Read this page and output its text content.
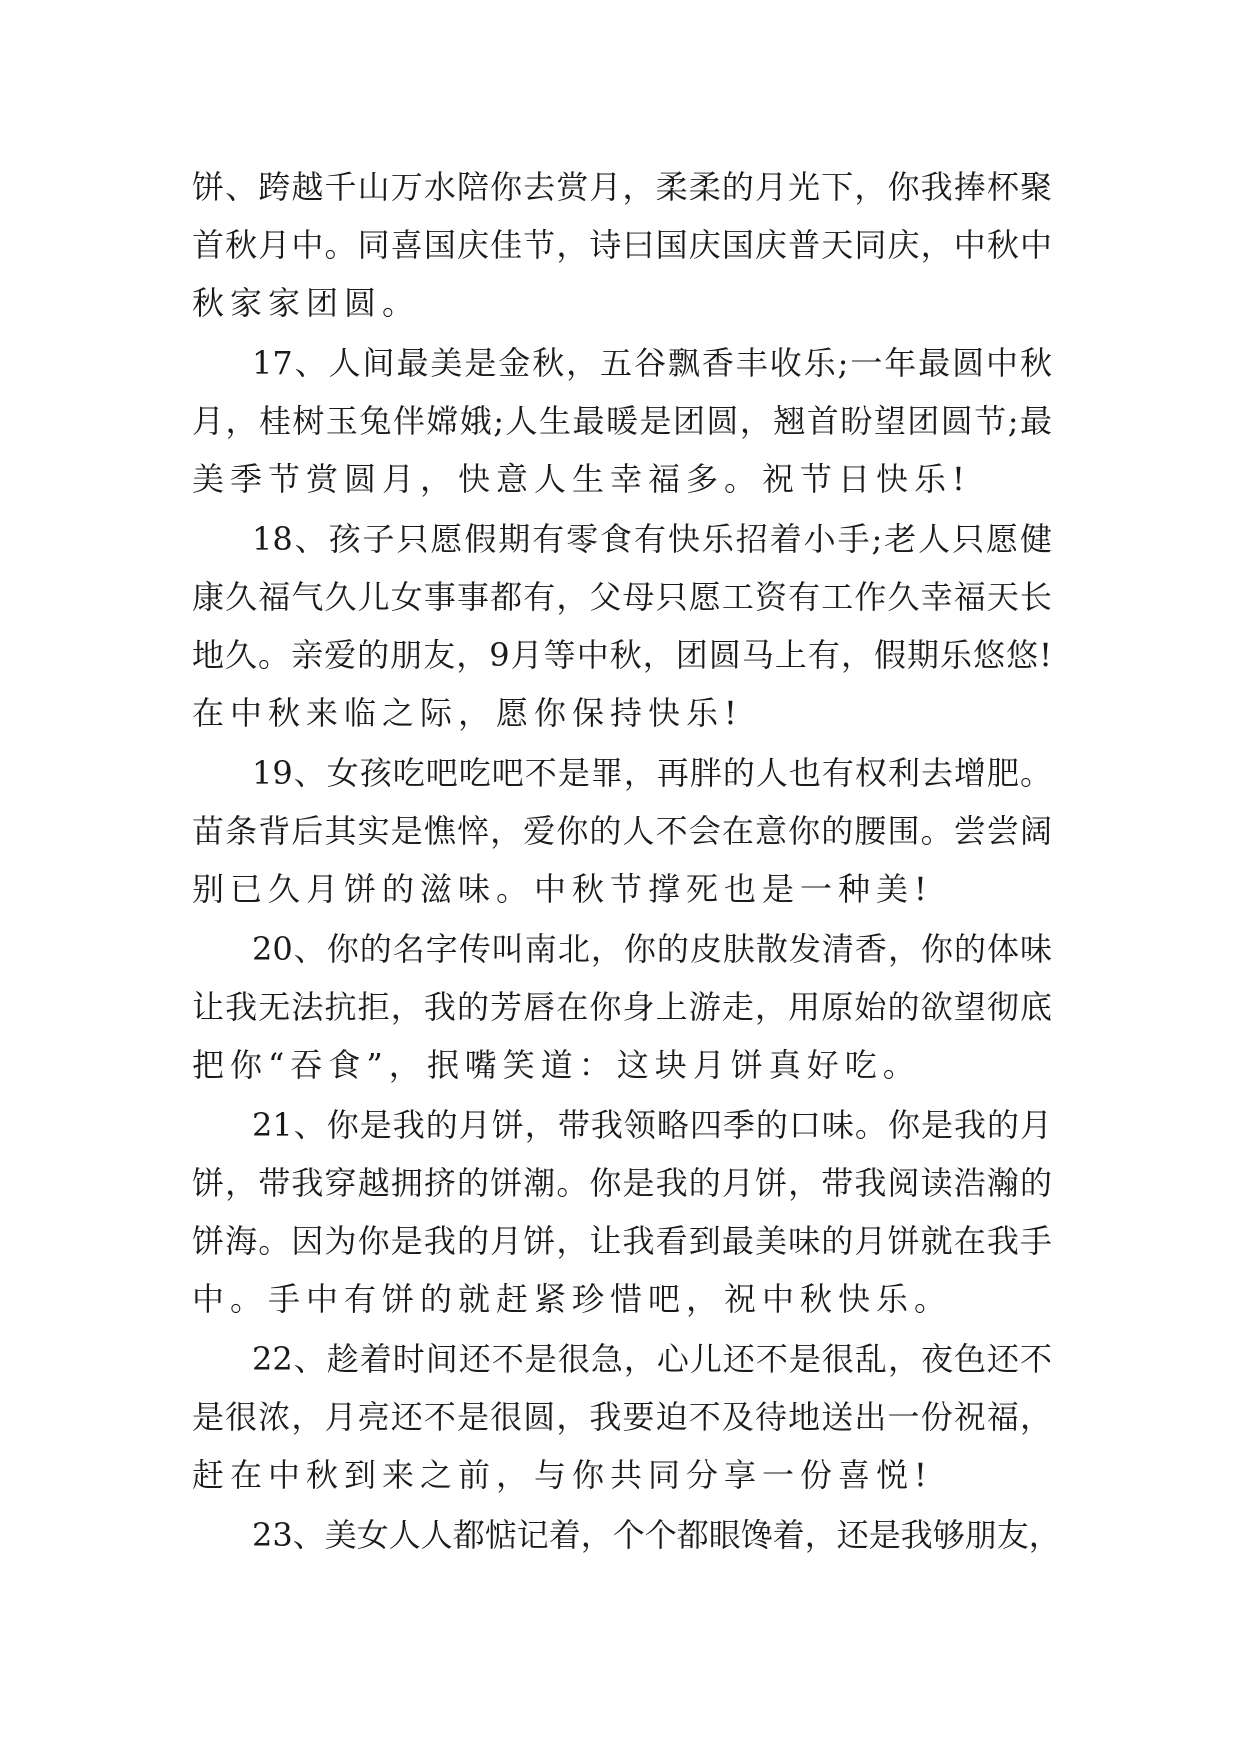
饼、跨越千山万水陪你去赏月，柔柔的月光下，你我捧杯聚
首秋月中。同喜国庆佳节，诗曰国庆国庆普天同庆，中秋中
秋家家团圆。
17、人间最美是金秋，五谷飘香丰收乐;一年最圆中秋
月，桂树玉兔伴嫦娥;人生最暖是团圆，翘首盼望团圆节;最
美季节赏圆月，快意人生幸福多。祝节日快乐!
18、孩子只愿假期有零食有快乐招着小手;老人只愿健
康久福气久儿女事事都有，父母只愿工资有工作久幸福天长
地久。亲爱的朋友，9月等中秋，团圆马上有，假期乐悠悠!
在中秋来临之际，愿你保持快乐!
19、女孩吃吧吃吧不是罪，再胖的人也有权利去增肥。
苗条背后其实是憔悴，爱你的人不会在意你的腰围。尝尝阔
别已久月饼的滋味。中秋节撑死也是一种美!
20、你的名字传叫南北，你的皮肤散发清香，你的体味
让我无法抗拒，我的芳唇在你身上游走，用原始的欲望彻底
把你“吞食”，抿嘴笑道：这块月饼真好吃。
21、你是我的月饼，带我领略四季的口味。你是我的月
饼，带我穿越拥挤的饼潮。你是我的月饼，带我阅读浩瀚的
饼海。因为你是我的月饼，让我看到最美味的月饼就在我手
中。手中有饼的就赶紧珍惜吧，祝中秋快乐。
22、趁着时间还不是很急，心儿还不是很乱，夜色还不
是很浓，月亮还不是很圆，我要迫不及待地送出一份祝福，
赶在中秋到来之前，与你共同分享一份喜悦!
23、美女人人都惦记着，个个都眼馋着，还是我够朋友，
